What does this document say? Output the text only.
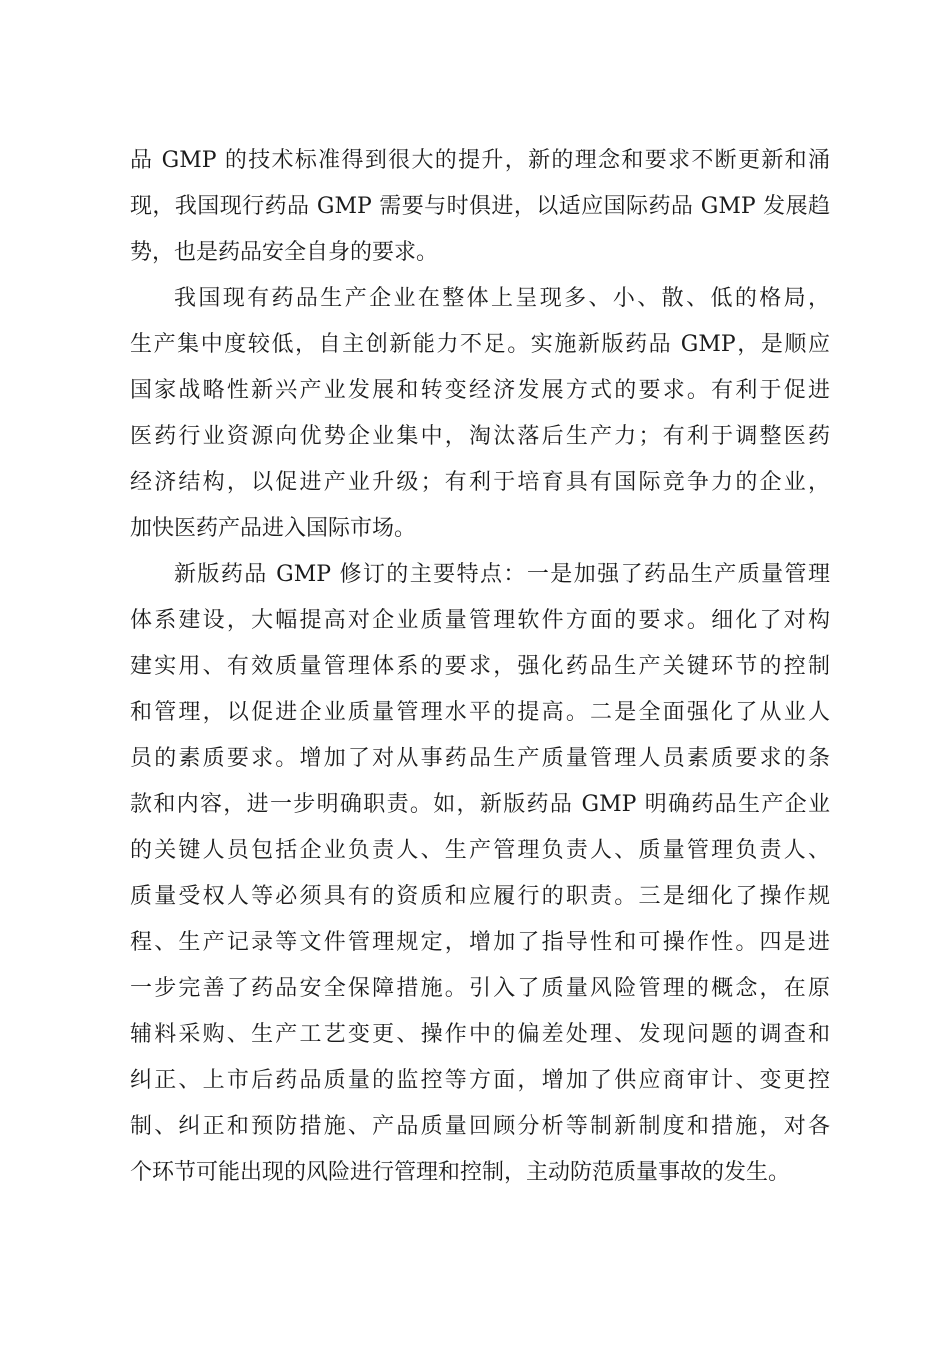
品 GMP 的技术标准得到很大的提升，新的理念和要求不断更新和涌
现，我国现行药品 GMP 需要与时俱进，以适应国际药品 GMP 发展趋
势，也是药品安全自身的要求。
我国现有药品生产企业在整体上呈现多、小、散、低的格局，
生产集中度较低，自主创新能力不足。实施新版药品 GMP，是顺应
国家战略性新兴产业发展和转变经济发展方式的要求。有利于促进
医药行业资源向优势企业集中，淘汰落后生产力；有利于调整医药
经济结构，以促进产业升级；有利于培育具有国际竞争力的企业，
加快医药产品进入国际市场。
新版药品 GMP 修订的主要特点：一是加强了药品生产质量管理
体系建设，大幅提高对企业质量管理软件方面的要求。细化了对构
建实用、有效质量管理体系的要求，强化药品生产关键环节的控制
和管理，以促进企业质量管理水平的提高。二是全面强化了从业人
员的素质要求。增加了对从事药品生产质量管理人员素质要求的条
款和内容，进一步明确职责。如，新版药品 GMP 明确药品生产企业
的关键人员包括企业负责人、生产管理负责人、质量管理负责人、
质量受权人等必须具有的资质和应履行的职责。三是细化了操作规
程、生产记录等文件管理规定，增加了指导性和可操作性。四是进
一步完善了药品安全保障措施。引入了质量风险管理的概念，在原
辅料采购、生产工艺变更、操作中的偏差处理、发现问题的调查和
纠正、上市后药品质量的监控等方面，增加了供应商审计、变更控
制、纠正和预防措施、产品质量回顾分析等制新制度和措施，对各
个环节可能出现的风险进行管理和控制，主动防范质量事故的发生。
